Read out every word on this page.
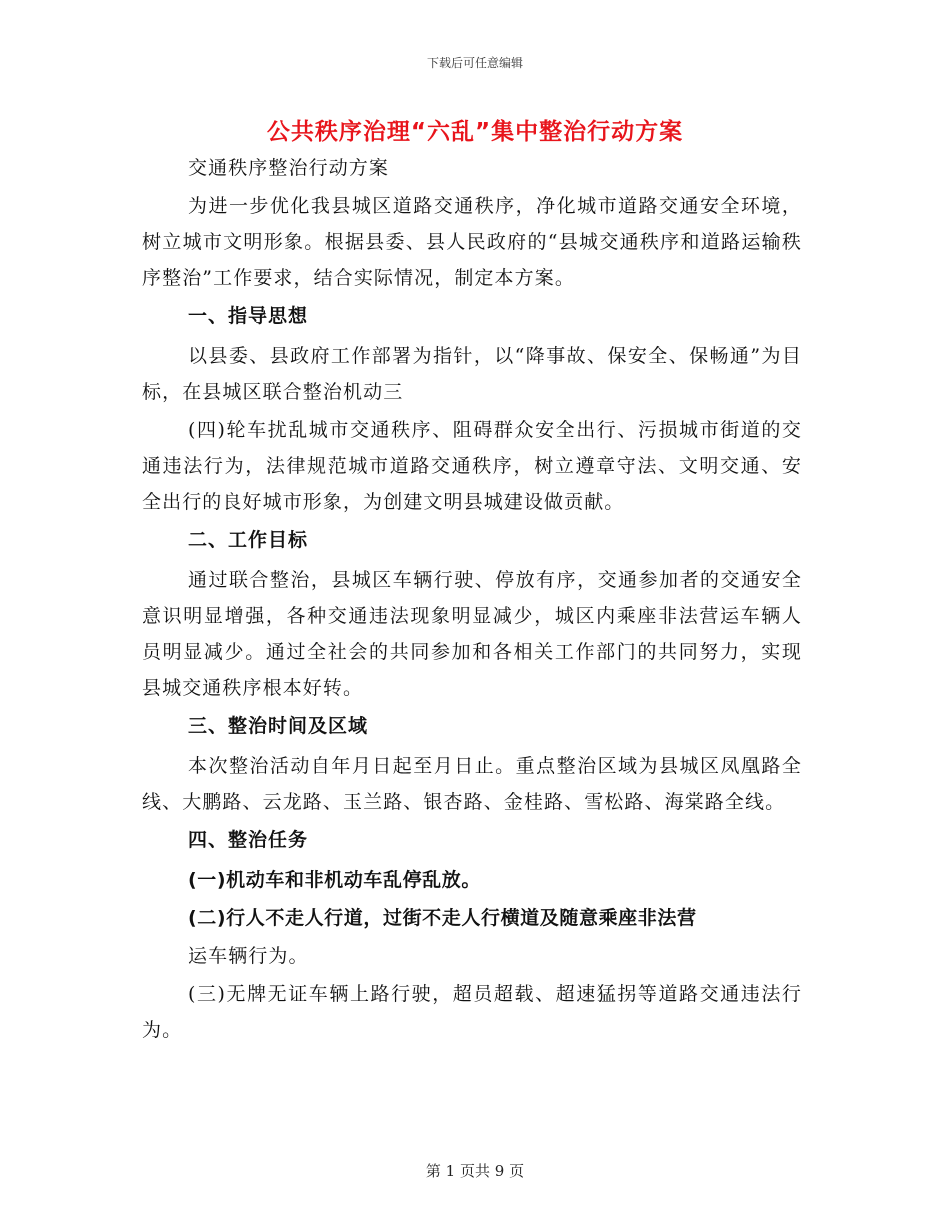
下载后可任意编辑
公共秩序治理“六乱”集中整治行动方案

交通秩序整治行动方案

为进一步优化我县城区道路交通秩序，净化城市道路交通安全环境，树立城市文明形象。根据县委、县人民政府的“县城交通秩序和道路运输秩序整治”工作要求，结合实际情况，制定本方案。

一、指导思想

以县委、县政府工作部署为指针，以“降事故、保安全、保畅通”为目标，在县城区联合整治机动三

(四)轮车扰乱城市交通秩序、阻碍群众安全出行、污损城市街道的交通违法行为，法律规范城市道路交通秩序，树立遵章守法、文明交通、安全出行的良好城市形象，为创建文明县城建设做贡献。

二、工作目标

通过联合整治，县城区车辆行驶、停放有序，交通参加者的交通安全意识明显增强，各种交通违法现象明显减少，城区内乘座非法营运车辆人员明显减少。通过全社会的共同参加和各相关工作部门的共同努力，实现县城交通秩序根本好转。

三、整治时间及区域

本次整治活动自年月日起至月日止。重点整治区域为县城区凤凰路全线、大鹏路、云龙路、玉兰路、银杏路、金桂路、雪松路、海棠路全线。

四、整治任务

(一)机动车和非机动车乱停乱放。

(二)行人不走人行道，过街不走人行横道及随意乘座非法营

运车辆行为。

(三)无牌无证车辆上路行驶，超员超载、超速猛拐等道路交通违法行为。

第 1 页共 9 页
